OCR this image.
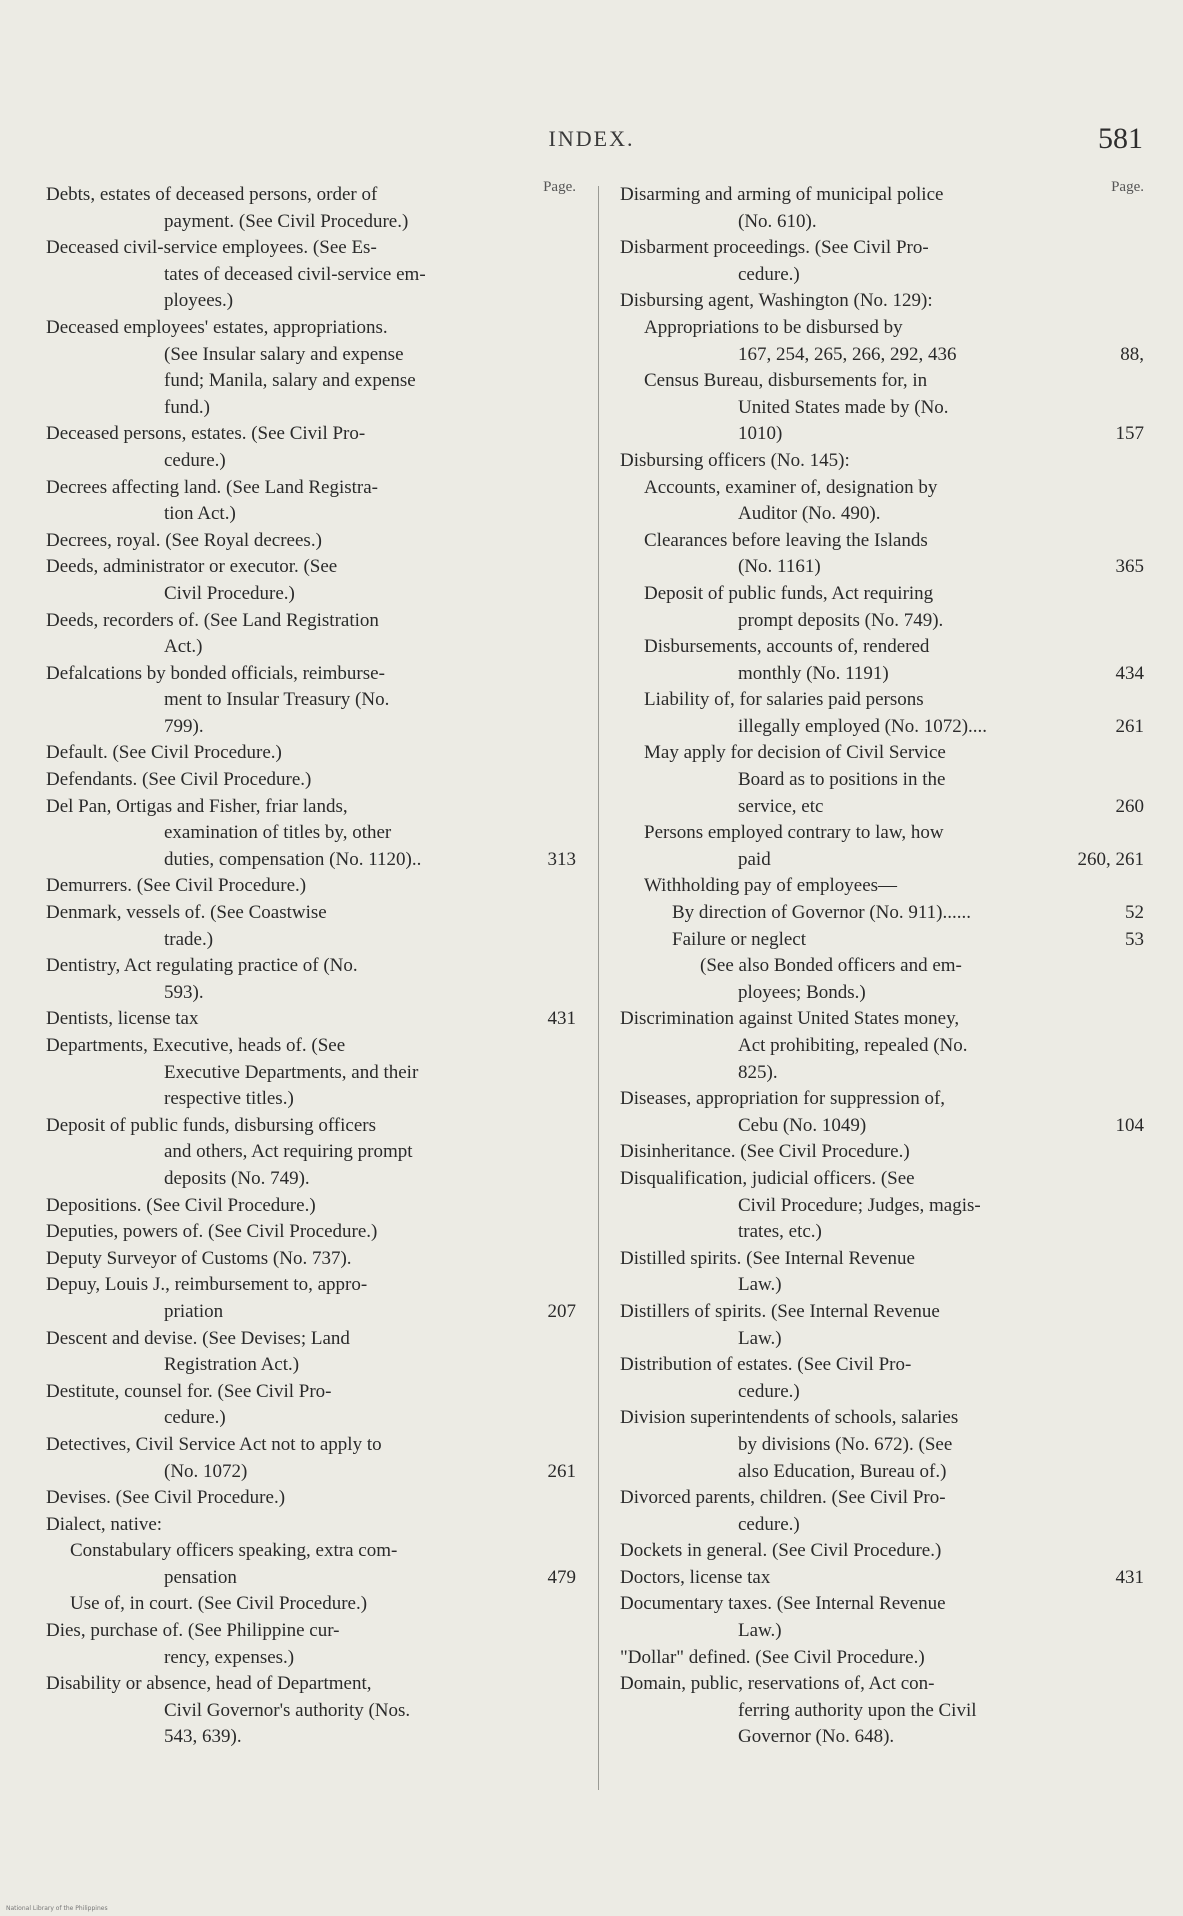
INDEX.	581
Page.
Debts, estates of deceased persons, order of
payment. (See Civil Procedure.)
Deceased civil-service employees. (See Es-
tates of deceased civil-service em-
ployees.)
Deceased employees' estates, appropriations.
(See Insular salary and expense
fund; Manila, salary and expense
fund.)
Deceased persons, estates. (See Civil Pro-
cedure.)
Decrees affecting land. (See Land Registra-
tion Act.)
Decrees, royal. (See Royal decrees.)
Deeds, administrator or executor. (See
Civil Procedure.)
Deeds, recorders of. (See Land Registration
Act.)
Defalcations by bonded officials, reimburse-
ment to Insular Treasury (No.
799).
Default. (See Civil Procedure.)
Defendants. (See Civil Procedure.)
Del Pan, Ortigas and Fisher, friar lands,
examination of titles by, other
duties, compensation (No. 1120)..	313
Demurrers. (See Civil Procedure.)
Denmark, vessels of. (See Coastwise
trade.)
Dentistry, Act regulating practice of (No.
593).
Dentists, license tax	431
Departments, Executive, heads of. (See
Executive Departments, and their
respective titles.)
Deposit of public funds, disbursing officers
and others, Act requiring prompt
deposits (No. 749).
Depositions. (See Civil Procedure.)
Deputies, powers of. (See Civil Procedure.)
Deputy Surveyor of Customs (No. 737).
Depuy, Louis J., reimbursement to, appro-
priation	207
Descent and devise. (See Devises; Land
Registration Act.)
Destitute, counsel for. (See Civil Pro-
cedure.)
Detectives, Civil Service Act not to apply to
(No. 1072)	261
Devises. (See Civil Procedure.)
Dialect, native:
Constabulary officers speaking, extra com-
pensation	479
Use of, in court. (See Civil Procedure.)
Dies, purchase of. (See Philippine cur-
rency, expenses.)
Disability or absence, head of Department,
Civil Governor's authority (Nos.
543, 639).
Page.
Disarming and arming of municipal police
(No. 610).
Disbarment proceedings. (See Civil Pro-
cedure.)
Disbursing agent, Washington (No. 129):
Appropriations to be disbursed by
167, 254, 265, 266, 292, 436	88,
Census Bureau, disbursements for, in
United States made by (No.
1010)	157
Disbursing officers (No. 145):
Accounts, examiner of, designation by
Auditor (No. 490).
Clearances before leaving the Islands
(No. 1161)	365
Deposit of public funds, Act requiring
prompt deposits (No. 749).
Disbursements, accounts of, rendered
monthly (No. 1191)	434
Liability of, for salaries paid persons
illegally employed (No. 1072)....	261
May apply for decision of Civil Service
Board as to positions in the
service, etc	260
Persons employed contrary to law, how
paid	260, 261
Withholding pay of employees—
By direction of Governor (No. 911)......	52
Failure or neglect	53
(See also Bonded officers and em-
ployees; Bonds.)
Discrimination against United States money,
Act prohibiting, repealed (No.
825).
Diseases, appropriation for suppression of,
Cebu (No. 1049)	104
Disinheritance. (See Civil Procedure.)
Disqualification, judicial officers. (See
Civil Procedure; Judges, magis-
trates, etc.)
Distilled spirits. (See Internal Revenue
Law.)
Distillers of spirits. (See Internal Revenue
Law.)
Distribution of estates. (See Civil Pro-
cedure.)
Division superintendents of schools, salaries
by divisions (No. 672). (See
also Education, Bureau of.)
Divorced parents, children. (See Civil Pro-
cedure.)
Dockets in general. (See Civil Procedure.)
Doctors, license tax	431
Documentary taxes. (See Internal Revenue
Law.)
"Dollar" defined. (See Civil Procedure.)
Domain, public, reservations of, Act con-
ferring authority upon the Civil
Governor (No. 648).
National Library of the Philippines
